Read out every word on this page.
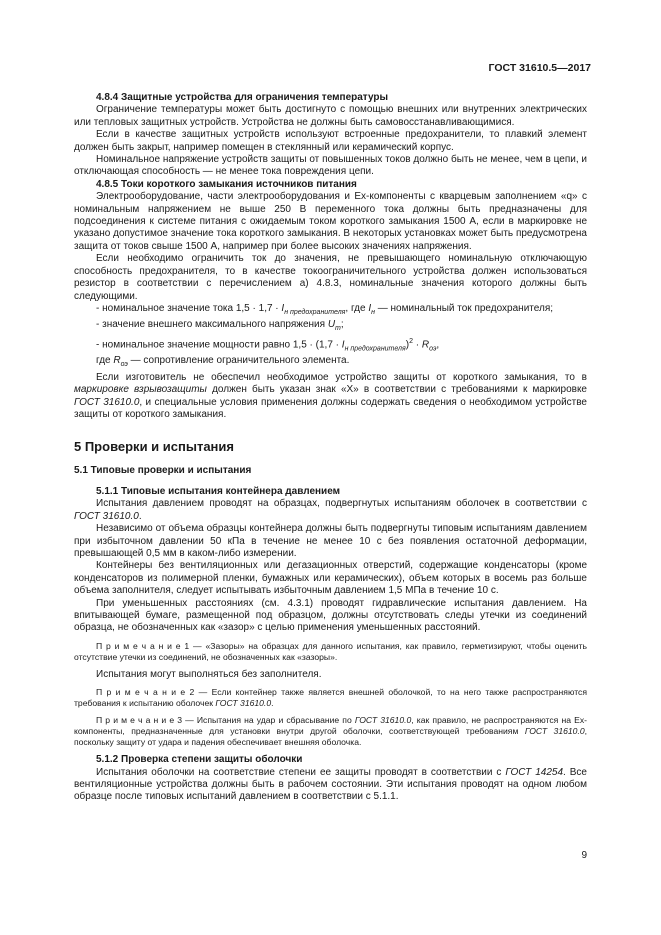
ГОСТ 31610.5—2017

4.8.4 Защитные устройства для ограничения температуры

Ограничение температуры может быть достигнуто с помощью внешних или внутренних электрических или тепловых защитных устройств. Устройства не должны быть самовосстанавливающимися.

Если в качестве защитных устройств используют встроенные предохранители, то плавкий элемент должен быть закрыт, например помещен в стеклянный или керамический корпус.

Номинальное напряжение устройств защиты от повышенных токов должно быть не менее, чем в цепи, и отключающая способность — не менее тока повреждения цепи.

4.8.5 Токи короткого замыкания источников питания

Электрооборудование, части электрооборудования и Ex-компоненты с кварцевым заполнением «q» с номинальным напряжением не выше 250 В переменного тока должны быть предназначены для подсоединения к системе питания с ожидаемым током короткого замыкания 1500 А, если в маркировке не указано допустимое значение тока короткого замыкания. В некоторых установках может быть предусмотрена защита от токов свыше 1500 А, например при более высоких значениях напряжения.

Если необходимо ограничить ток до значения, не превышающего номинальную отключающую способность предохранителя, то в качестве токоограничительного устройства должен использоваться резистор в соответствии с перечислением а) 4.8.3, номинальные значения которого должны быть следующими.

- номинальное значение тока $1,5 \cdot 1,7 \cdot I_{н предохранителя}$, где $I_н$ — номинальный ток предохранителя;

- значение внешнего максимального напряжения $U_m$;

- номинальное значение мощности равно $1,5 \cdot (1,7 \cdot I_{н предохранителя})^2 \cdot R_{оэ}$,

где $R_{оэ}$ — сопротивление ограничительного элемента.

Если изготовитель не обеспечил необходимое устройство защиты от короткого замыкания, то в маркировке взрывозащиты должен быть указан знак «X» в соответствии с требованиями к маркировке ГОСТ 31610.0, и специальные условия применения должны содержать сведения о необходимом устройстве защиты от короткого замыкания.

5 Проверки и испытания

5.1 Типовые проверки и испытания

5.1.1 Типовые испытания контейнера давлением

Испытания давлением проводят на образцах, подвергнутых испытаниям оболочек в соответствии с ГОСТ 31610.0.

Независимо от объема образцы контейнера должны быть подвергнуты типовым испытаниям давлением при избыточном давлении 50 кПа в течение не менее 10 с без появления остаточной деформации, превышающей 0,5 мм в каком-либо измерении.

Контейнеры без вентиляционных или дегазационных отверстий, содержащие конденсаторы (кроме конденсаторов из полимерной пленки, бумажных или керамических), объем которых в восемь раз больше объема заполнителя, следует испытывать избыточным давлением 1,5 МПа в течение 10 с.

При уменьшенных расстояниях (см. 4.3.1) проводят гидравлические испытания давлением. На впитывающей бумаге, размещенной под образцом, должны отсутствовать следы утечки из соединений образца, не обозначенных как «зазор» с целью применения уменьшенных расстояний.

П р и м е ч а н и е 1 — «Зазоры» на образцах для данного испытания, как правило, герметизируют, чтобы оценить отсутствие утечки из соединений, не обозначенных как «зазоры».

Испытания могут выполняться без заполнителя.

П р и м е ч а н и е 2 — Если контейнер также является внешней оболочкой, то на него также распространяются требования к испытанию оболочек ГОСТ 31610.0.

П р и м е ч а н и е 3 — Испытания на удар и сбрасывание по ГОСТ 31610.0, как правило, не распространяются на Ex-компоненты, предназначенные для установки внутри другой оболочки, соответствующей требованиям ГОСТ 31610.0, поскольку защиту от удара и падения обеспечивает внешняя оболочка.

5.1.2 Проверка степени защиты оболочки

Испытания оболочки на соответствие степени ее защиты проводят в соответствии с ГОСТ 14254. Все вентиляционные устройства должны быть в рабочем состоянии. Эти испытания проводят на одном любом образце после типовых испытаний давлением в соответствии с 5.1.1.

9
